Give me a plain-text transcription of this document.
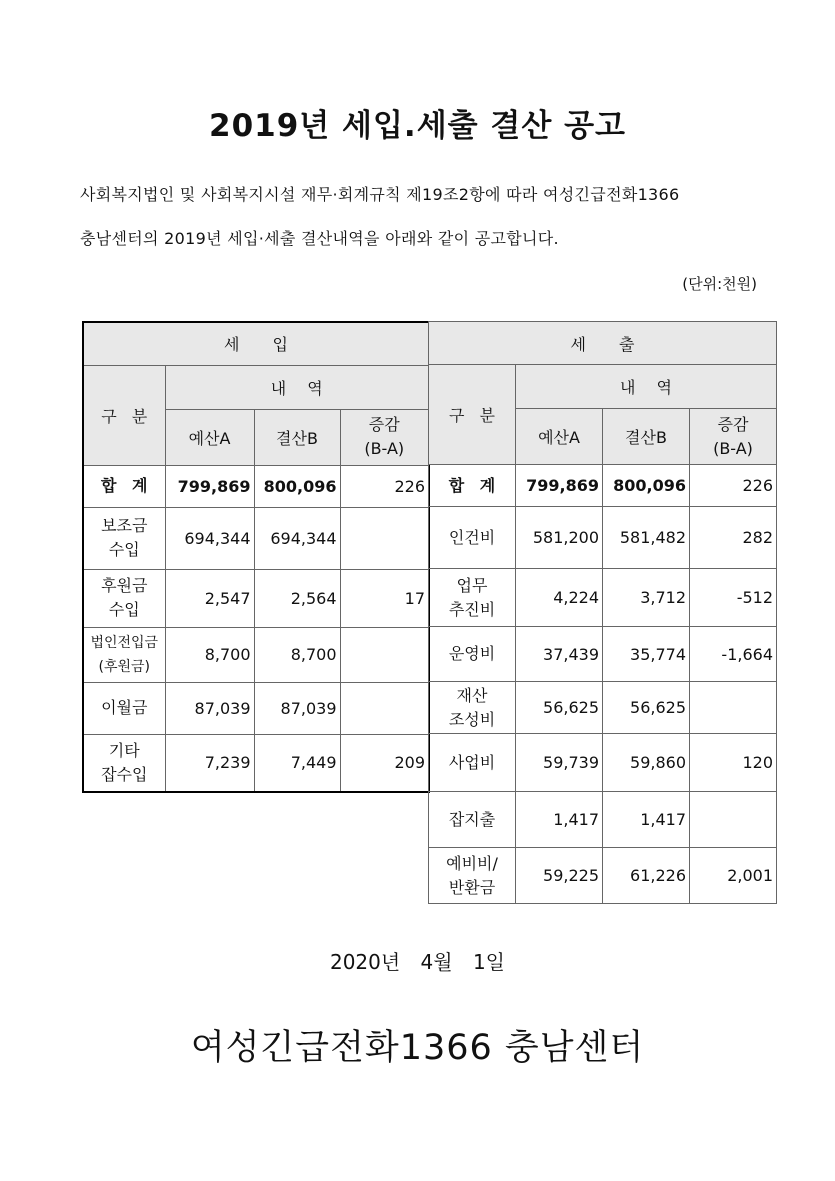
2019년 세입.세출 결산 공고
사회복지법인 및 사회복지시설 재무·회계규칙 제19조2항에 따라 여성긴급전화1366
충남센터의 2019년 세입·세출 결산내역을 아래와 같이 공고합니다.
(단위:천원)
세 입			
구 분	내 역		
	예산A	결산B	증감
(B-A)
합 계	799,869	800,096	226
보조금
수입	694,344	694,344	
후원금
수입	2,547	2,564	17
법인전입금
(후원금)	8,700	8,700	
이월금	87,039	87,039	
기타
잡수입	7,239	7,449	209
세 출			
구 분	내 역		
	예산A	결산B	증감
(B-A)
합 계	799,869	800,096	226
인건비	581,200	581,482	282
업무
추진비	4,224	3,712	-512
운영비	37,439	35,774	-1,664
재산
조성비	56,625	56,625	
사업비	59,739	59,860	120
잡지출	1,417	1,417	
예비비/
반환금	59,225	61,226	2,001
2020년 4월 1일
여성긴급전화1366 충남센터
